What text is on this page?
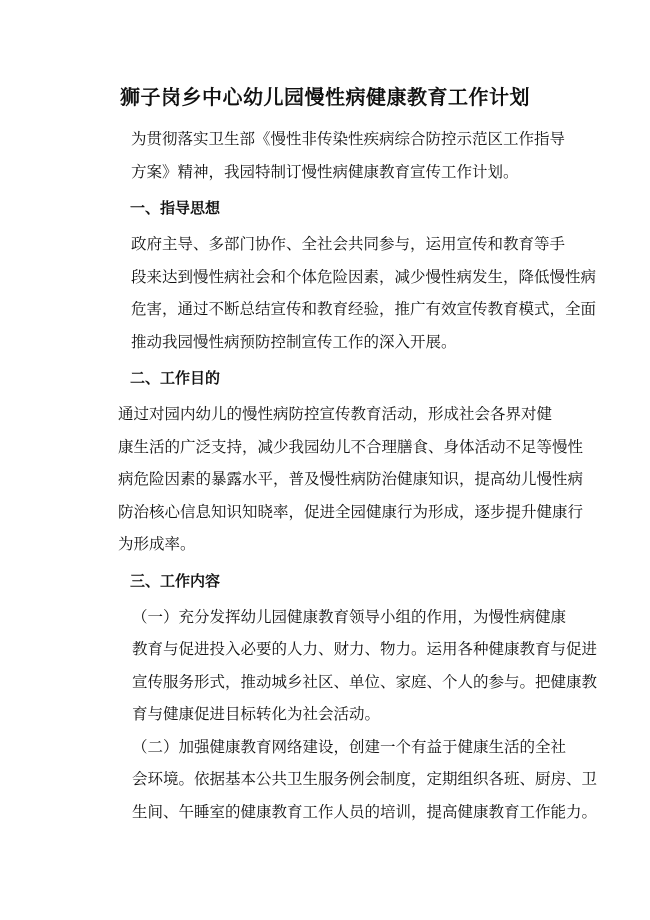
狮子岗乡中心幼儿园慢性病健康教育工作计划

为贯彻落实卫生部《慢性非传染性疾病综合防控示范区工作指导
方案》精神，我园特制订慢性病健康教育宣传工作计划。

一、指导思想

政府主导、多部门协作、全社会共同参与，运用宣传和教育等手
段来达到慢性病社会和个体危险因素，减少慢性病发生，降低慢性病
危害，通过不断总结宣传和教育经验，推广有效宣传教育模式，全面
推动我园慢性病预防控制宣传工作的深入开展。

二、工作目的

通过对园内幼儿的慢性病防控宣传教育活动，形成社会各界对健
康生活的广泛支持，减少我园幼儿不合理膳食、身体活动不足等慢性
病危险因素的暴露水平，普及慢性病防治健康知识，提高幼儿慢性病
防治核心信息知识知晓率，促进全园健康行为形成，逐步提升健康行
为形成率。

三、工作内容

（一）充分发挥幼儿园健康教育领导小组的作用，为慢性病健康
教育与促进投入必要的人力、财力、物力。运用各种健康教育与促进
宣传服务形式，推动城乡社区、单位、家庭、个人的参与。把健康教
育与健康促进目标转化为社会活动。

（二）加强健康教育网络建设，创建一个有益于健康生活的全社
会环境。依据基本公共卫生服务例会制度，定期组织各班、厨房、卫
生间、午睡室的健康教育工作人员的培训，提高健康教育工作能力。
